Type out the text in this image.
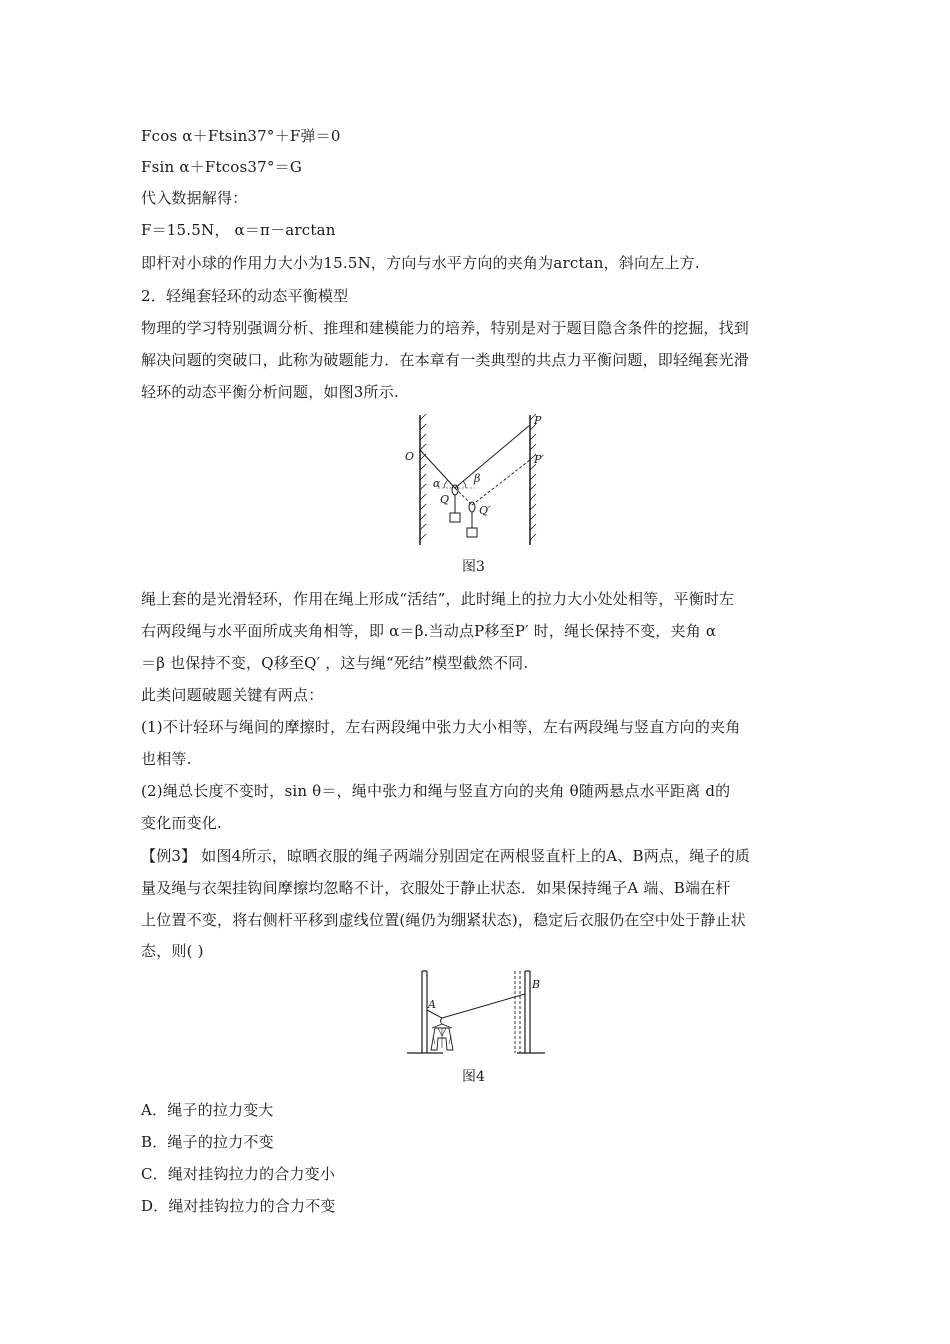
Fcos α＋Ftsin37°＋F弹＝0
Fsin α＋Ftcos37°＝G
代入数据解得：
F＝15.5N， α＝π－arctan
即杆对小球的作用力大小为15.5N，方向与水平方向的夹角为arctan，斜向左上方.
2．轻绳套轻环的动态平衡模型
物理的学习特别强调分析、推理和建模能力的培养，特别是对于题目隐含条件的挖掘，找到
解决问题的突破口，此称为破题能力．在本章有一类典型的共点力平衡问题，即轻绳套光滑
轻环的动态平衡分析问题，如图3所示.
O
P
P′
α	β
Q
Q′
图3
绳上套的是光滑轻环，作用在绳上形成“活结”，此时绳上的拉力大小处处相等，平衡时左
右两段绳与水平面所成夹角相等，即 α＝β.当动点P移至P′ 时，绳长保持不变，夹角 α
＝β 也保持不变，Q移至Q′ ，这与绳“死结”模型截然不同.
此类问题破题关键有两点：
(1)不计轻环与绳间的摩擦时，左右两段绳中张力大小相等，左右两段绳与竖直方向的夹角
也相等.
(2)绳总长度不变时，sin θ＝，绳中张力和绳与竖直方向的夹角 θ随两悬点水平距离 d的
变化而变化.
【例3】 如图4所示，晾晒衣服的绳子两端分别固定在两根竖直杆上的A、B两点，绳子的质
量及绳与衣架挂钩间摩擦均忽略不计，衣服处于静止状态．如果保持绳子A 端、B端在杆
上位置不变，将右侧杆平移到虚线位置(绳仍为绷紧状态)，稳定后衣服仍在空中处于静止状
态，则( )
A
B
图4
A．绳子的拉力变大
B．绳子的拉力不变
C．绳对挂钩拉力的合力变小
D．绳对挂钩拉力的合力不变
